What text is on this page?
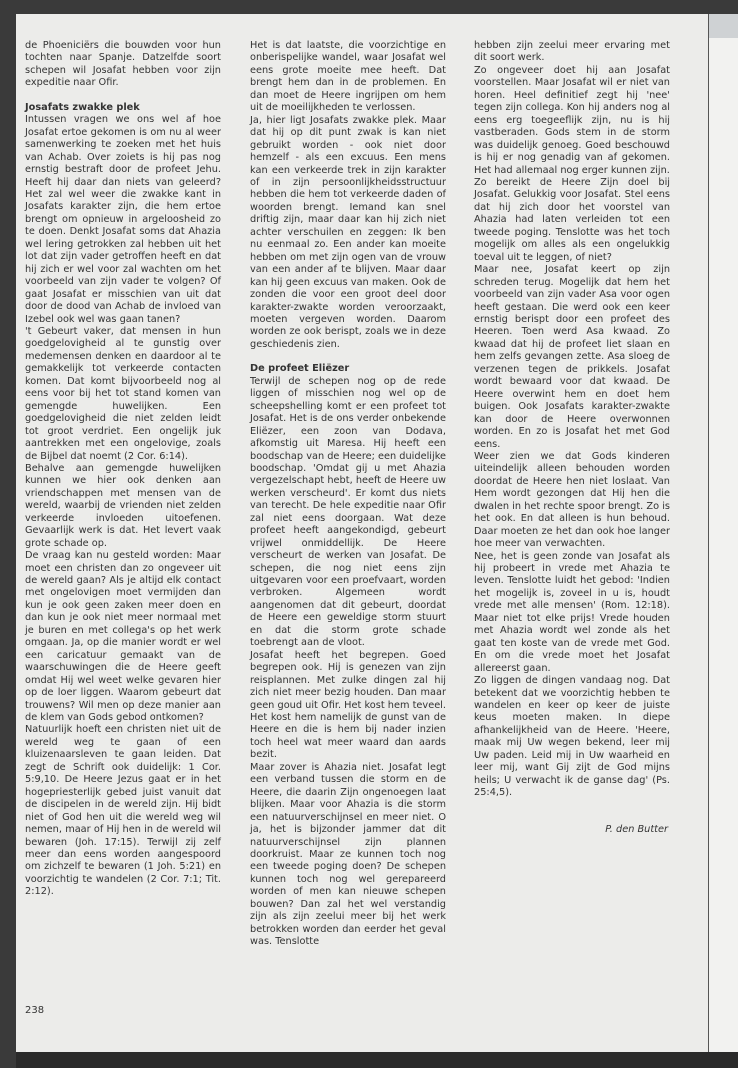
de Phoeniciërs die bouwden voor hun tochten naar Spanje. Datzelfde soort schepen wil Josafat hebben voor zijn expeditie naar Ofir.

Josafats zwakke plek

Intussen vragen we ons wel af hoe Josafat ertoe gekomen is om nu al weer samenwerking te zoeken met het huis van Achab. Over zoiets is hij pas nog ernstig bestraft door de profeet Jehu. Heeft hij daar dan niets van geleerd? Het zal wel weer die zwakke kant in Josafats karakter zijn, die hem ertoe brengt om opnieuw in argeloosheid zo te doen. Denkt Josafat soms dat Ahazia wel lering getrokken zal hebben uit het lot dat zijn vader getroffen heeft en dat hij zich er wel voor zal wachten om het voorbeeld van zijn vader te volgen? Of gaat Josafat er misschien van uit dat door de dood van Achab de invloed van Izebel ook wel was gaan tanen?

't Gebeurt vaker, dat mensen in hun goedgelovigheid al te gunstig over medemensen denken en daardoor al te gemakkelijk tot verkeerde contacten komen. Dat komt bijvoorbeeld nog al eens voor bij het tot stand komen van gemengde huwelijken. Een goedgelovigheid die niet zelden leidt tot groot verdriet. Een ongelijk juk aantrekken met een ongelovige, zoals de Bijbel dat noemt (2 Cor. 6:14).

Behalve aan gemengde huwelijken kunnen we hier ook denken aan vriendschappen met mensen van de wereld, waarbij de vrienden niet zelden verkeerde invloeden uitoefenen. Gevaarlijk werk is dat. Het levert vaak grote schade op.

De vraag kan nu gesteld worden: Maar moet een christen dan zo ongeveer uit de wereld gaan? Als je altijd elk contact met ongelovigen moet vermijden dan kun je ook geen zaken meer doen en dan kun je ook niet meer normaal met je buren en met collega's op het werk omgaan. Ja, op die manier wordt er wel een caricatuur gemaakt van de waarschuwingen die de Heere geeft omdat Hij wel weet welke gevaren hier op de loer liggen. Waarom gebeurt dat trouwens? Wil men op deze manier aan de klem van Gods gebod ontkomen?

Natuurlijk hoeft een christen niet uit de wereld weg te gaan of een kluizenaarsleven te gaan leiden. Dat zegt de Schrift ook duidelijk: 1 Cor. 5:9,10. De Heere Jezus gaat er in het hogepriesterlijk gebed juist vanuit dat de discipelen in de wereld zijn. Hij bidt niet of God hen uit die wereld weg wil nemen, maar of Hij hen in de wereld wil bewaren (Joh. 17:15). Terwijl zij zelf meer dan eens worden aangespoord om zichzelf te bewaren (1 Joh. 5:21) en voorzichtig te wandelen (2 Cor. 7:1; Tit. 2:12).

Het is dat laatste, die voorzichtige en onberispelijke wandel, waar Josafat wel eens grote moeite mee heeft. Dat brengt hem dan in de problemen. En dan moet de Heere ingrijpen om hem uit de moeilijkheden te verlossen.

Ja, hier ligt Josafats zwakke plek. Maar dat hij op dit punt zwak is kan niet gebruikt worden - ook niet door hemzelf - als een excuus. Een mens kan een verkeerde trek in zijn karakter of in zijn persoonlijkheidsstructuur hebben die hem tot verkeerde daden of woorden brengt. Iemand kan snel driftig zijn, maar daar kan hij zich niet achter verschuilen en zeggen: Ik ben nu eenmaal zo. Een ander kan moeite hebben om met zijn ogen van de vrouw van een ander af te blijven. Maar daar kan hij geen excuus van maken. Ook de zonden die voor een groot deel door karakter-zwakte worden veroorzaakt, moeten vergeven worden. Daarom worden ze ook berispt, zoals we in deze geschiedenis zien.

De profeet Eliëzer

Terwijl de schepen nog op de rede liggen of misschien nog wel op de scheepshelling komt er een profeet tot Josafat. Het is de ons verder onbekende Eliëzer, een zoon van Dodava, afkomstig uit Maresa. Hij heeft een boodschap van de Heere; een duidelijke boodschap. 'Omdat gij u met Ahazia vergezelschapt hebt, heeft de Heere uw werken verscheurd'. Er komt dus niets van terecht. De hele expeditie naar Ofir zal niet eens doorgaan. Wat deze profeet heeft aangekondigd, gebeurt vrijwel onmiddellijk. De Heere verscheurt de werken van Josafat. De schepen, die nog niet eens zijn uitgevaren voor een proefvaart, worden verbroken. Algemeen wordt aangenomen dat dit gebeurt, doordat de Heere een geweldige storm stuurt en dat die storm grote schade toebrengt aan de vloot.

Josafat heeft het begrepen. Goed begrepen ook. Hij is genezen van zijn reisplannen. Met zulke dingen zal hij zich niet meer bezig houden. Dan maar geen goud uit Ofir. Het kost hem teveel. Het kost hem namelijk de gunst van de Heere en die is hem bij nader inzien toch heel wat meer waard dan aards bezit.

Maar zover is Ahazia niet. Josafat legt een verband tussen die storm en de Heere, die daarin Zijn ongenoegen laat blijken. Maar voor Ahazia is die storm een natuurverschijnsel en meer niet. O ja, het is bijzonder jammer dat dit natuurverschijnsel zijn plannen doorkruist. Maar ze kunnen toch nog een tweede poging doen? De schepen kunnen toch nog wel gerepareerd worden of men kan nieuwe schepen bouwen? Dan zal het wel verstandig zijn als zijn zeelui meer bij het werk betrokken worden dan eerder het geval was. Tenslotte

hebben zijn zeelui meer ervaring met dit soort werk.

Zo ongeveer doet hij aan Josafat voorstellen. Maar Josafat wil er niet van horen. Heel definitief zegt hij 'nee' tegen zijn collega. Kon hij anders nog al eens erg toegeeflijk zijn, nu is hij vastberaden. Gods stem in de storm was duidelijk genoeg. Goed beschouwd is hij er nog genadig van af gekomen. Het had allemaal nog erger kunnen zijn.

Zo bereikt de Heere Zijn doel bij Josafat. Gelukkig voor Josafat. Stel eens dat hij zich door het voorstel van Ahazia had laten verleiden tot een tweede poging. Tenslotte was het toch mogelijk om alles als een ongelukkig toeval uit te leggen, of niet?

Maar nee, Josafat keert op zijn schreden terug. Mogelijk dat hem het voorbeeld van zijn vader Asa voor ogen heeft gestaan. Die werd ook een keer ernstig berispt door een profeet des Heeren. Toen werd Asa kwaad. Zo kwaad dat hij de profeet liet slaan en hem zelfs gevangen zette. Asa sloeg de verzenen tegen de prikkels. Josafat wordt bewaard voor dat kwaad. De Heere overwint hem en doet hem buigen. Ook Josafats karakter-zwakte kan door de Heere overwonnen worden. En zo is Josafat het met God eens.

Weer zien we dat Gods kinderen uiteindelijk alleen behouden worden doordat de Heere hen niet loslaat. Van Hem wordt gezongen dat Hij hen die dwalen in het rechte spoor brengt. Zo is het ook. En dat alleen is hun behoud. Daar moeten ze het dan ook hoe langer hoe meer van verwachten.

Nee, het is geen zonde van Josafat als hij probeert in vrede met Ahazia te leven. Tenslotte luidt het gebod: 'Indien het mogelijk is, zoveel in u is, houdt vrede met alle mensen' (Rom. 12:18). Maar niet tot elke prijs! Vrede houden met Ahazia wordt wel zonde als het gaat ten koste van de vrede met God. En om die vrede moet het Josafat allereerst gaan.

Zo liggen de dingen vandaag nog. Dat betekent dat we voorzichtig hebben te wandelen en keer op keer de juiste keus moeten maken. In diepe afhankelijkheid van de Heere. 'Heere, maak mij Uw wegen bekend, leer mij Uw paden. Leid mij in Uw waarheid en leer mij, want Gij zijt de God mijns heils; U verwacht ik de ganse dag' (Ps. 25:4,5).

P. den Butter

238
